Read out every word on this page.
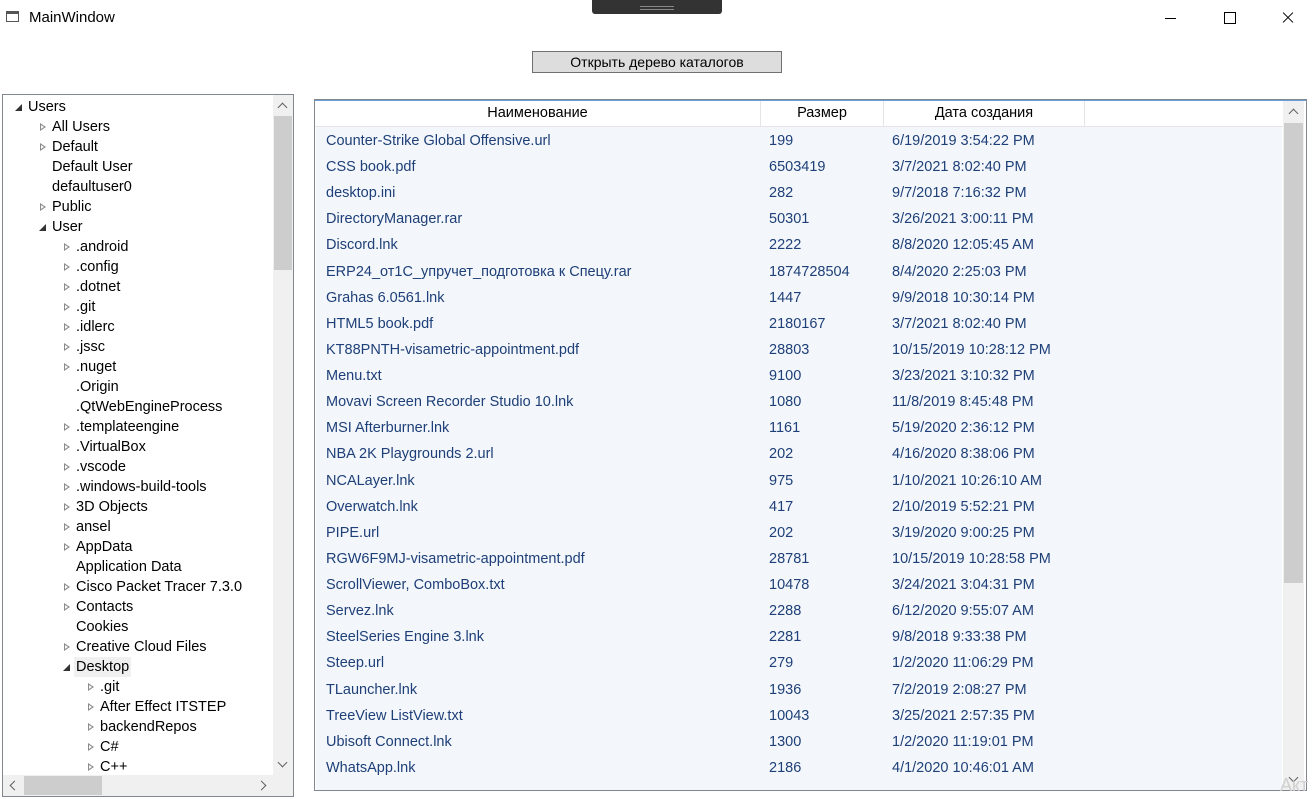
MainWindow
Открыть дерево каталогов
Users
All Users
Default
Default User
defaultuser0
Public
User
.android
.config
.dotnet
.git
.idlerc
.jssc
.nuget
.Origin
.QtWebEngineProcess
.templateengine
.VirtualBox
.vscode
.windows-build-tools
3D Objects
ansel
AppData
Application Data
Cisco Packet Tracer 7.3.0
Contacts
Cookies
Creative Cloud Files
Desktop
.git
After Effect ITSTEP
backendRepos
C#
C++
Наименование	Размер	Дата создания
Counter-Strike Global Offensive.url	199	6/19/2019 3:54:22 PM
CSS book.pdf	6503419	3/7/2021 8:02:40 PM
desktop.ini	282	9/7/2018 7:16:32 PM
DirectoryManager.rar	50301	3/26/2021 3:00:11 PM
Discord.lnk	2222	8/8/2020 12:05:45 AM
ERP24_от1С_упручет_подготовка к Спецу.rar	1874728504	8/4/2020 2:25:03 PM
Grahas 6.0561.lnk	1447	9/9/2018 10:30:14 PM
HTML5 book.pdf	2180167	3/7/2021 8:02:40 PM
KT88PNTH-visametric-appointment.pdf	28803	10/15/2019 10:28:12 PM
Menu.txt	9100	3/23/2021 3:10:32 PM
Movavi Screen Recorder Studio 10.lnk	1080	11/8/2019 8:45:48 PM
MSI Afterburner.lnk	1161	5/19/2020 2:36:12 PM
NBA 2K Playgrounds 2.url	202	4/16/2020 8:38:06 PM
NCALayer.lnk	975	1/10/2021 10:26:10 AM
Overwatch.lnk	417	2/10/2019 5:52:21 PM
PIPE.url	202	3/19/2020 9:00:25 PM
RGW6F9MJ-visametric-appointment.pdf	28781	10/15/2019 10:28:58 PM
ScrollViewer, ComboBox.txt	10478	3/24/2021 3:04:31 PM
Servez.lnk	2288	6/12/2020 9:55:07 AM
SteelSeries Engine 3.lnk	2281	9/8/2018 9:33:38 PM
Steep.url	279	1/2/2020 11:06:29 PM
TLauncher.lnk	1936	7/2/2019 2:08:27 PM
TreeView ListView.txt	10043	3/25/2021 2:57:35 PM
Ubisoft Connect.lnk	1300	1/2/2020 11:19:01 PM
WhatsApp.lnk	2186	4/1/2020 10:46:01 AM
Акт
